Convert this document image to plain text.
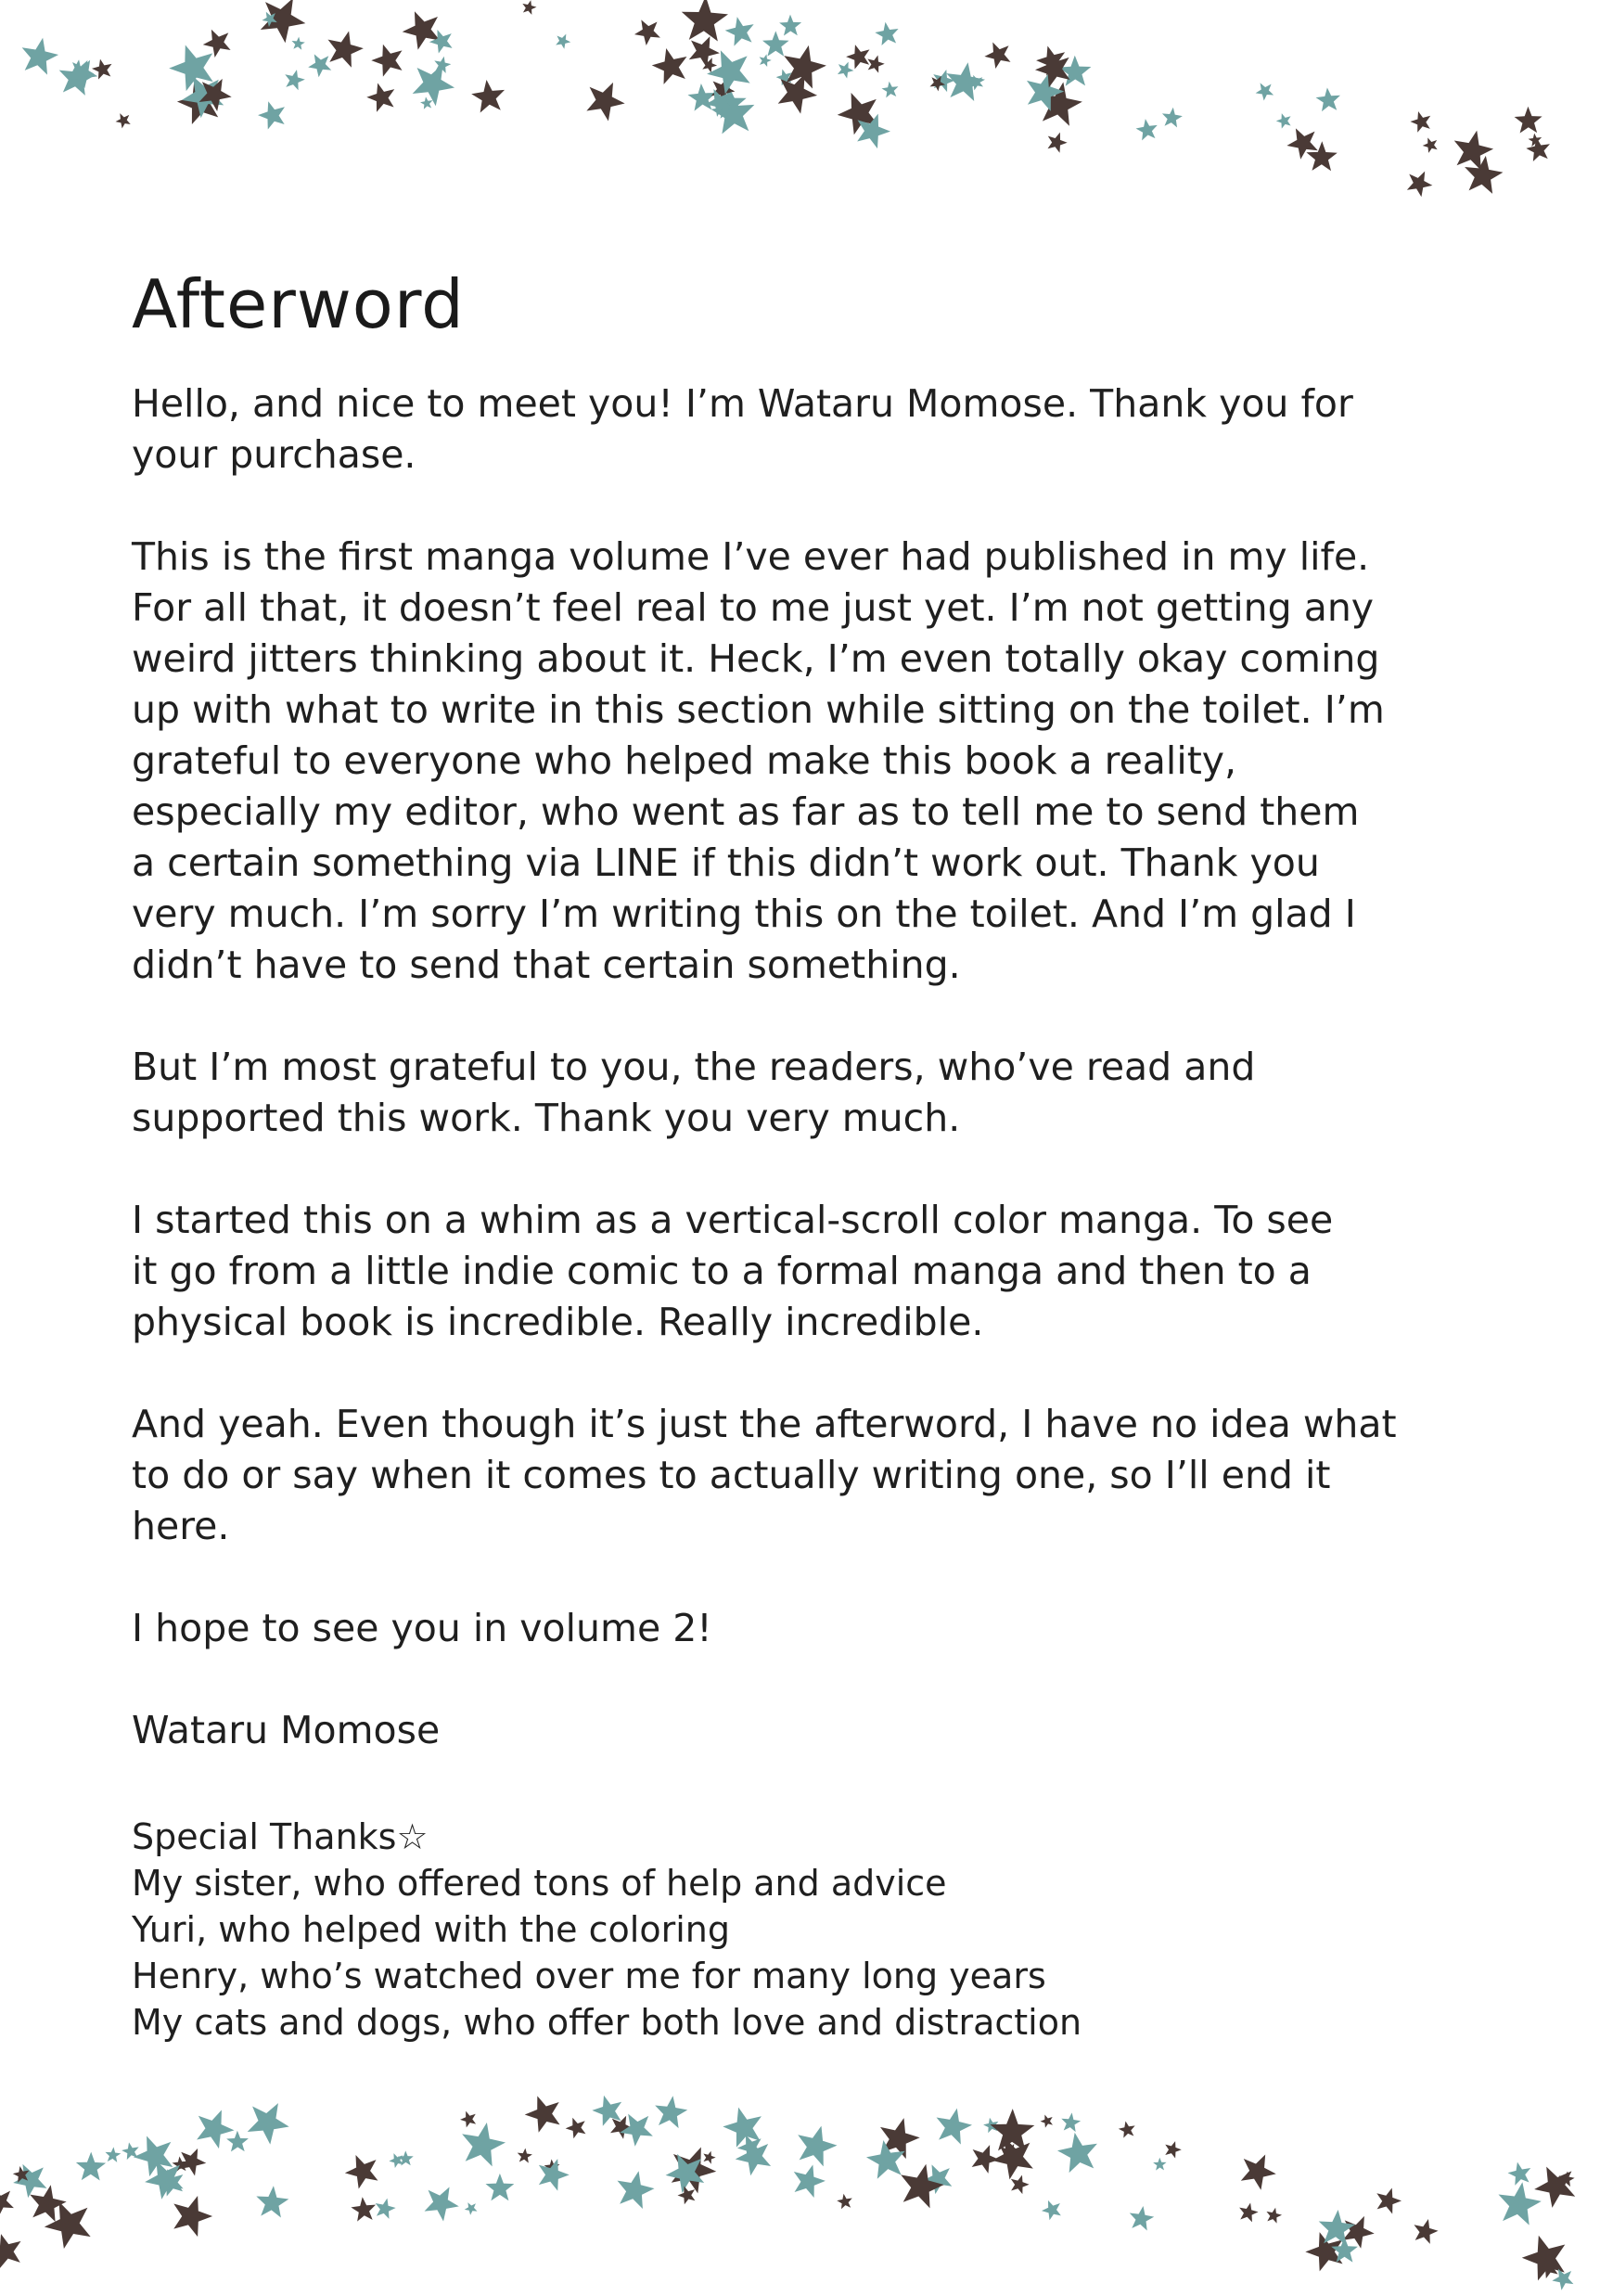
Afterword

Hello, and nice to meet you! I’m Wataru Momose. Thank you for
your purchase.

This is the first manga volume I’ve ever had published in my life.
For all that, it doesn’t feel real to me just yet. I’m not getting any
weird jitters thinking about it. Heck, I’m even totally okay coming
up with what to write in this section while sitting on the toilet. I’m
grateful to everyone who helped make this book a reality,
especially my editor, who went as far as to tell me to send them
a certain something via LINE if this didn’t work out. Thank you
very much. I’m sorry I’m writing this on the toilet. And I’m glad I
didn’t have to send that certain something.

But I’m most grateful to you, the readers, who’ve read and
supported this work. Thank you very much.

I started this on a whim as a vertical-scroll color manga. To see
it go from a little indie comic to a formal manga and then to a
physical book is incredible. Really incredible.

And yeah. Even though it’s just the afterword, I have no idea what
to do or say when it comes to actually writing one, so I’ll end it
here.

I hope to see you in volume 2!

Wataru Momose

Special Thanks☆
My sister, who offered tons of help and advice
Yuri, who helped with the coloring
Henry, who’s watched over me for many long years
My cats and dogs, who offer both love and distraction
